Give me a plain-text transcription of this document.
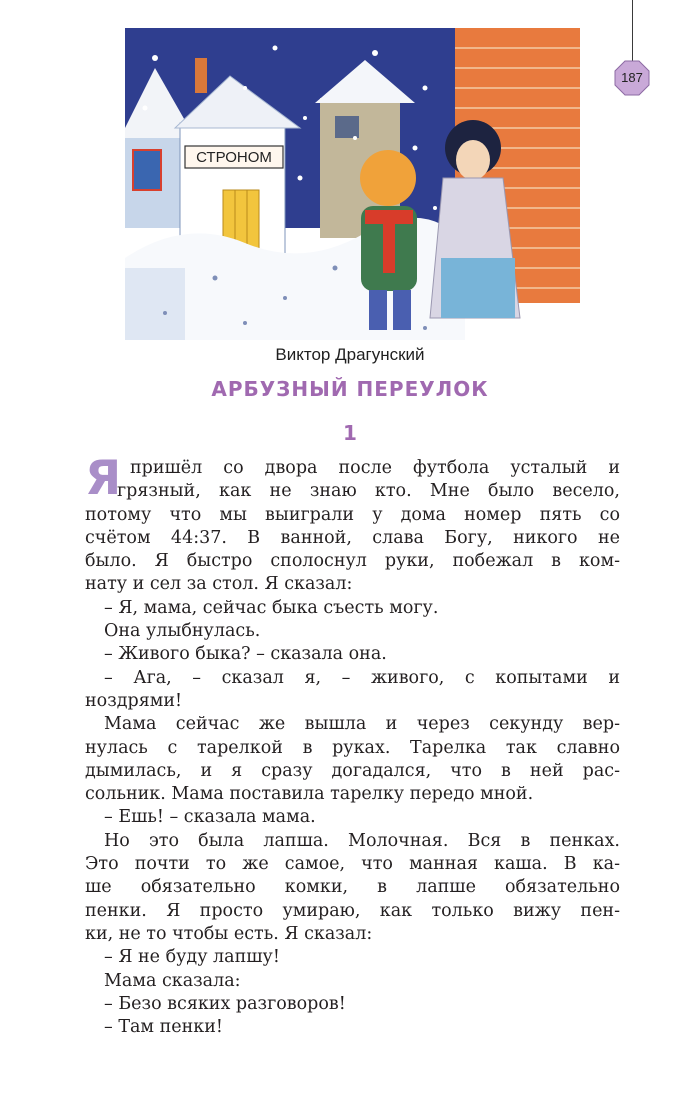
187
СТРОНОМ
Виктор Драгунский
АРБУЗНЫЙ ПЕРЕУЛОК
1
Я пришёл со двора после футбола усталый и
грязный, как не знаю кто. Мне было весело,
потому что мы выиграли у дома номер пять со
счётом 44:37. В ванной, слава Богу, никого не
было. Я быстро сполоснул руки, побежал в ком-
нату и сел за стол. Я сказал:
– Я, мама, сейчас быка съесть могу.
Она улыбнулась.
– Живого быка? – сказала она.
– Ага, – сказал я, – живого, с копытами и
ноздрями!
Мама сейчас же вышла и через секунду вер-
нулась с тарелкой в руках. Тарелка так славно
дымилась, и я сразу догадался, что в ней рас-
сольник. Мама поставила тарелку передо мной.
– Ешь! – сказала мама.
Но это была лапша. Молочная. Вся в пенках.
Это почти то же самое, что манная каша. В ка-
ше обязательно комки, в лапше обязательно
пенки. Я просто умираю, как только вижу пен-
ки, не то чтобы есть. Я сказал:
– Я не буду лапшу!
Мама сказала:
– Безо всяких разговоров!
– Там пенки!
